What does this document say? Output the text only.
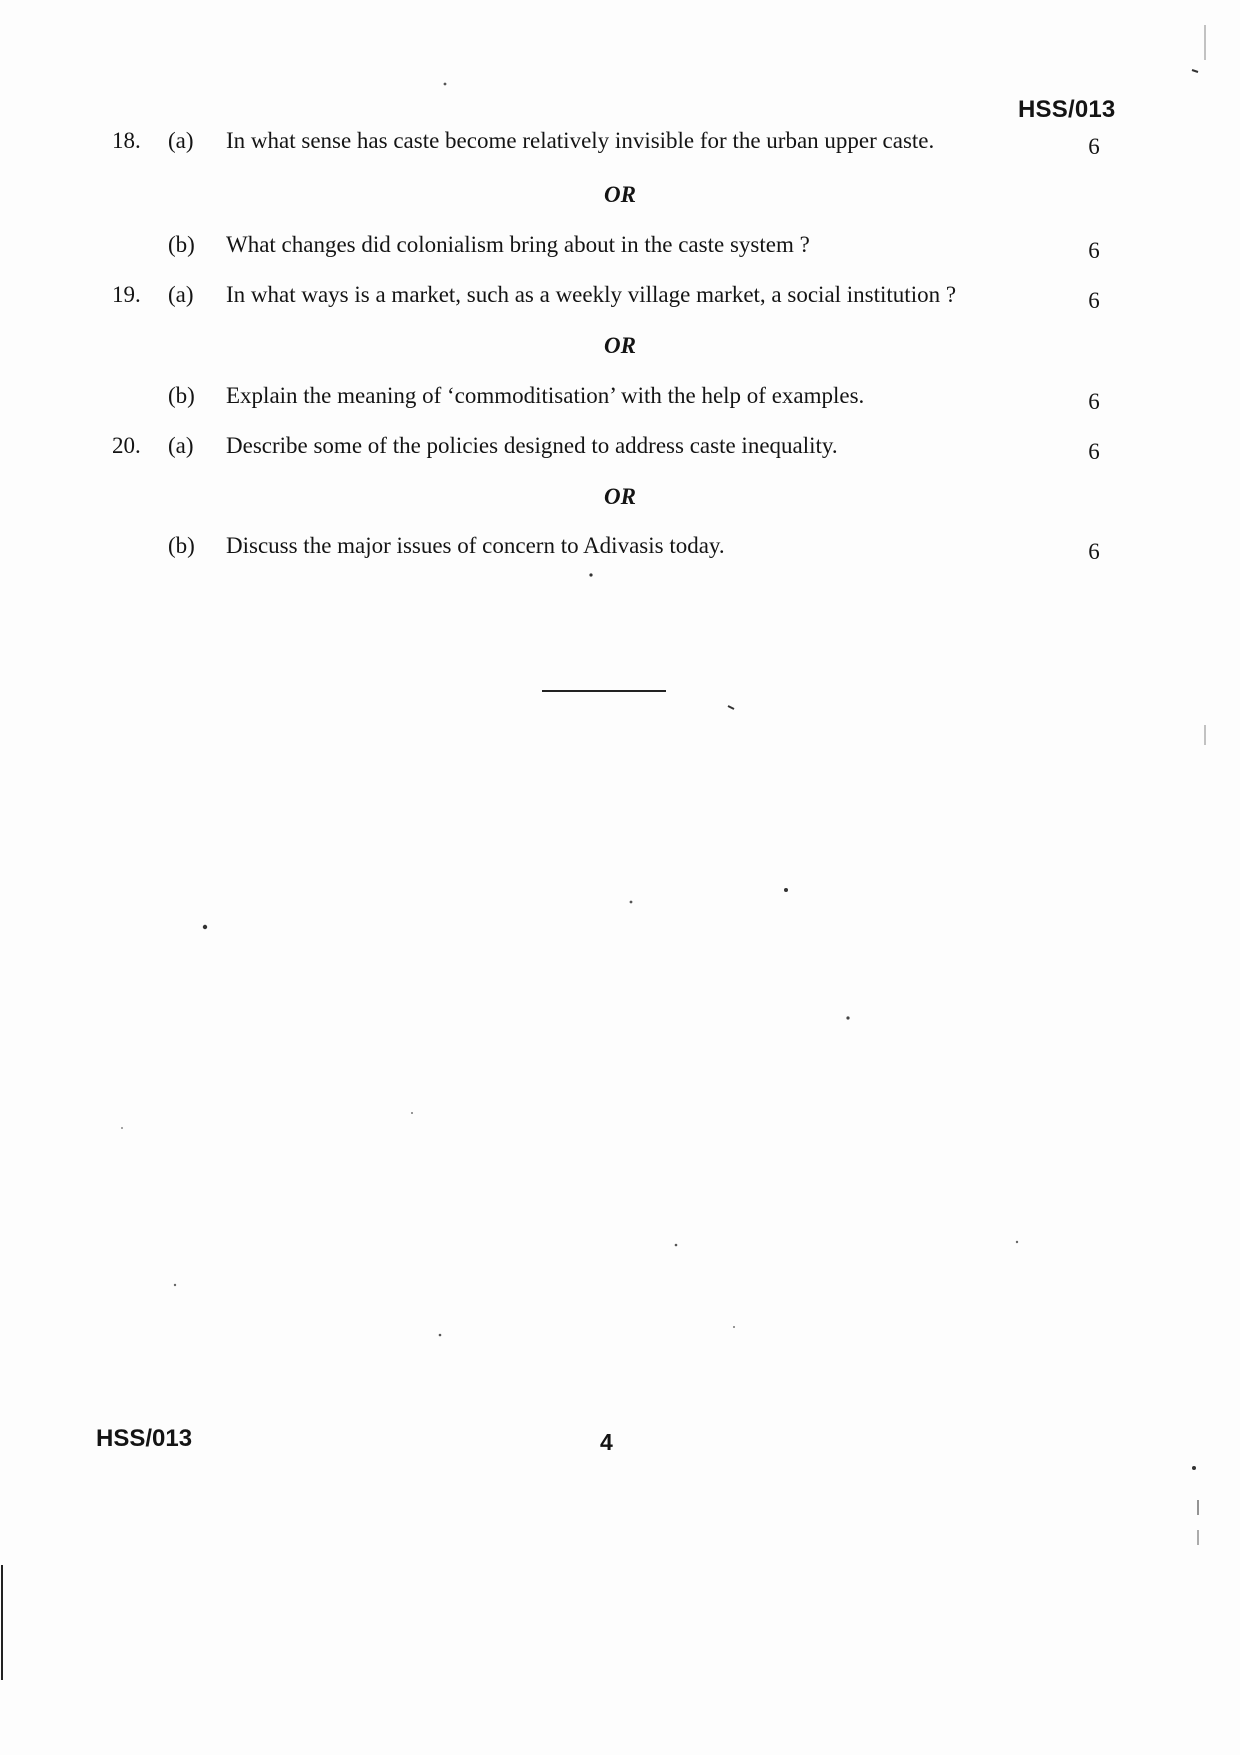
HSS/013
18.	(a)	In what sense has caste become relatively invisible for the urban upper caste.	6
OR
(b)	What changes did colonialism bring about in the caste system ?	6
19.	(a)	In what ways is a market, such as a weekly village market, a social institution ?	6
OR
(b)	Explain the meaning of ‘commoditisation’ with the help of examples.	6
20.	(a)	Describe some of the policies designed to address caste inequality.	6
OR
(b)	Discuss the major issues of concern to Adivasis today.	6
HSS/013	4
